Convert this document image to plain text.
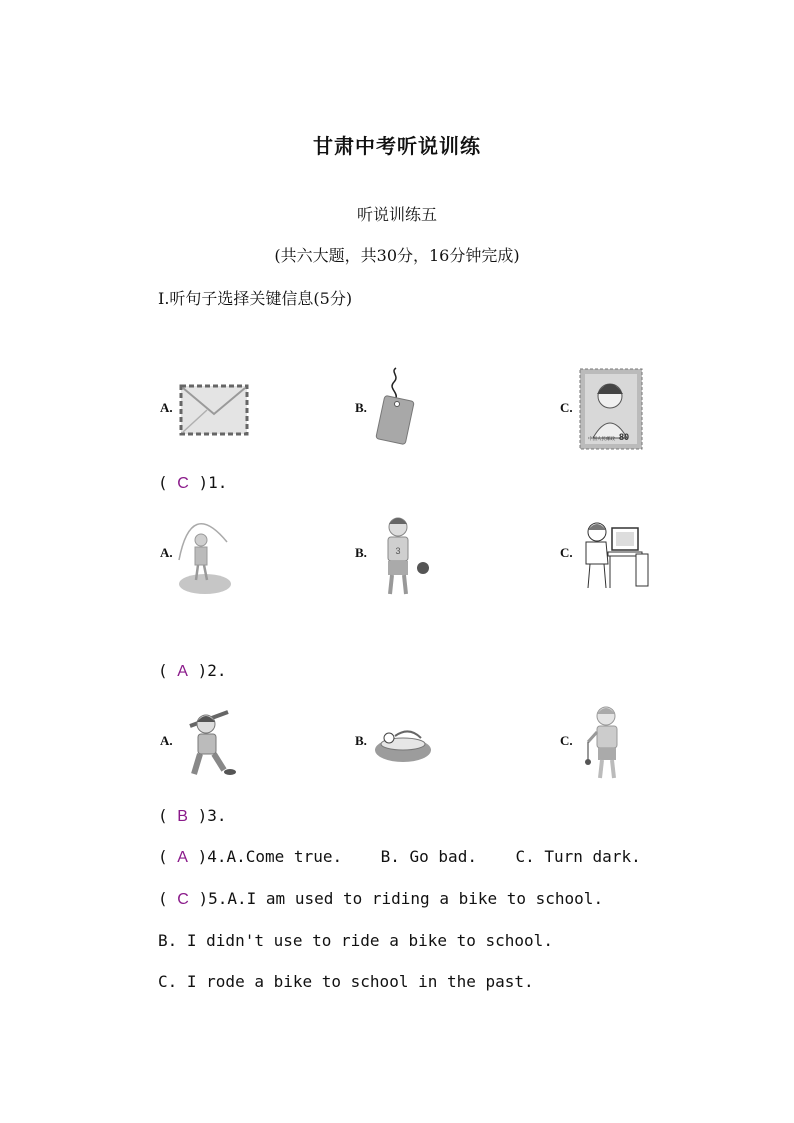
甘肃中考听说训练
听说训练五
(共六大题，共30分，16分钟完成)
Ⅰ.听句子选择关键信息(5分)
A.	B.	C.
中国人民邮政 80
( C )1.
A.	B.	3	C.
( A )2.
A.	B.	C.
( B )3.
( A )4.A.Come true.    B. Go bad.    C. Turn dark.
( C )5.A.I am used to riding a bike to school.
B. I didn't use to ride a bike to school.
C. I rode a bike to school in the past.
